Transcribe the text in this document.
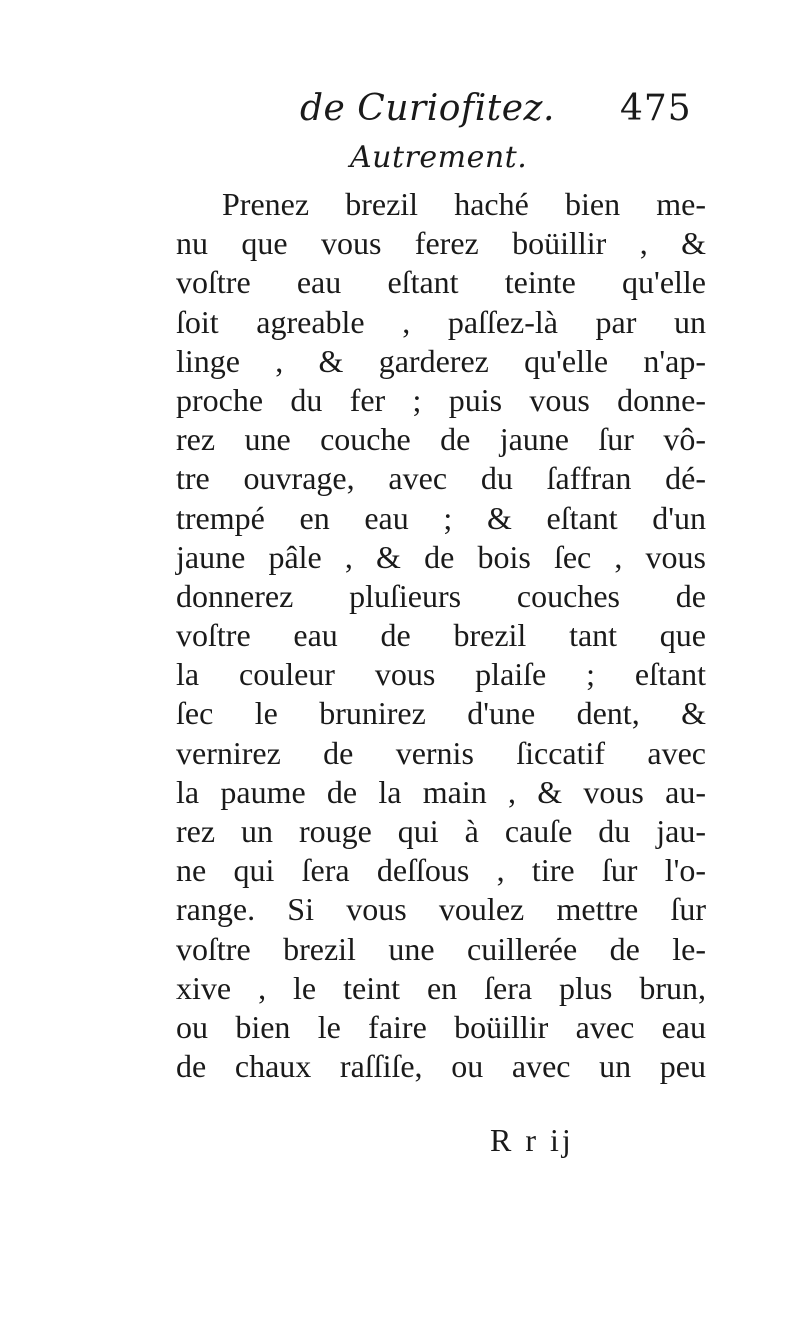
de Curiofitez. 475
Autrement.
Prenez brezil haché bien me-
nu que vous ferez boüillir , &
voſtre eau eſtant teinte qu'elle
ſoit agreable , paſſez-là par un
linge , & garderez qu'elle n'ap-
proche du fer ; puis vous donne-
rez une couche de jaune ſur vô-
tre ouvrage, avec du ſaffran dé-
trempé en eau ; & eſtant d'un
jaune pâle , & de bois ſec , vous
donnerez pluſieurs couches de
voſtre eau de brezil tant que
la couleur vous plaiſe ; eſtant
ſec le brunirez d'une dent, &
vernirez de vernis ſiccatif avec
la paume de la main , & vous au-
rez un rouge qui à cauſe du jau-
ne qui ſera deſſous , tire ſur l'o-
range. Si vous voulez mettre ſur
voſtre brezil une cuillerée de le-
xive , le teint en ſera plus brun,
ou bien le faire boüillir avec eau
de chaux raſſiſe, ou avec un peu
R r ij
